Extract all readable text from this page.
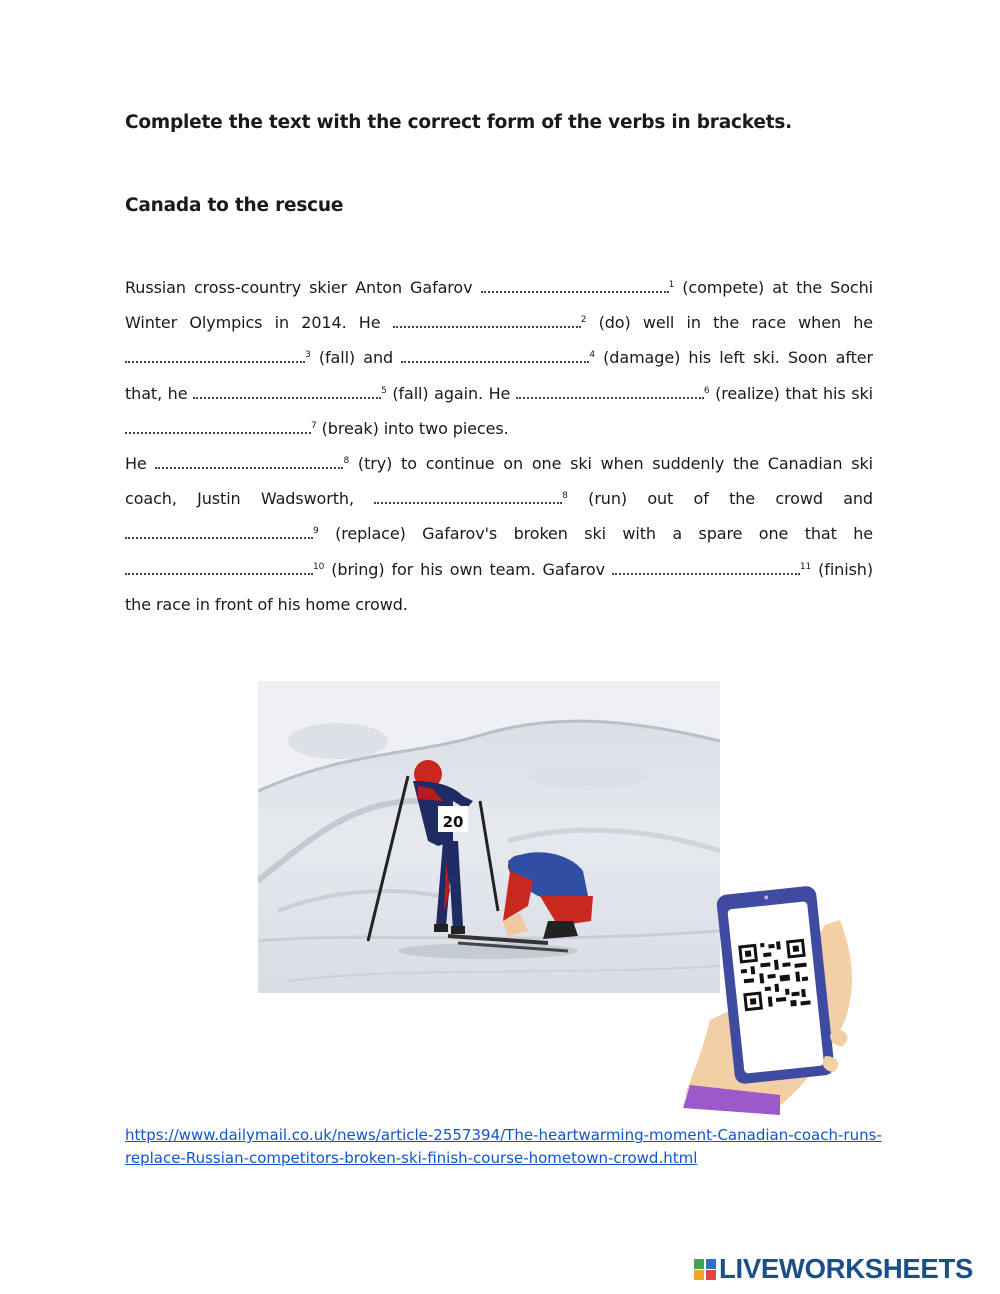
Complete the text with the correct form of the verbs in brackets.
Canada to the rescue

Russian cross-country skier Anton Gafarov	$^1$ (compete) at the Sochi Winter Olympics in 2014. He	$^2$ (do) well in the race when he $^3$ (fall) and	$^4$ (damage) his left ski. Soon after that, he	$^5$ (fall) again. He	$^6$ (realize) that his ski $^7$ (break) into two pieces.

He	$^8$ (try) to continue on one ski when suddenly the Canadian ski coach, Justin Wadsworth,	$^8$ (run) out of the crowd and $^9$ (replace) Gafarov's broken ski with a spare one that he $^{10}$ (bring) for his own team. Gafarov	$^{11}$ (finish) the race in front of his home crowd.

20
https://www.dailymail.co.uk/news/article-2557394/The-heartwarming-moment-Canadian-coach-runs-replace-Russian-competitors-broken-ski-finish-course-hometown-crowd.html
LIVEWORKSHEETS
